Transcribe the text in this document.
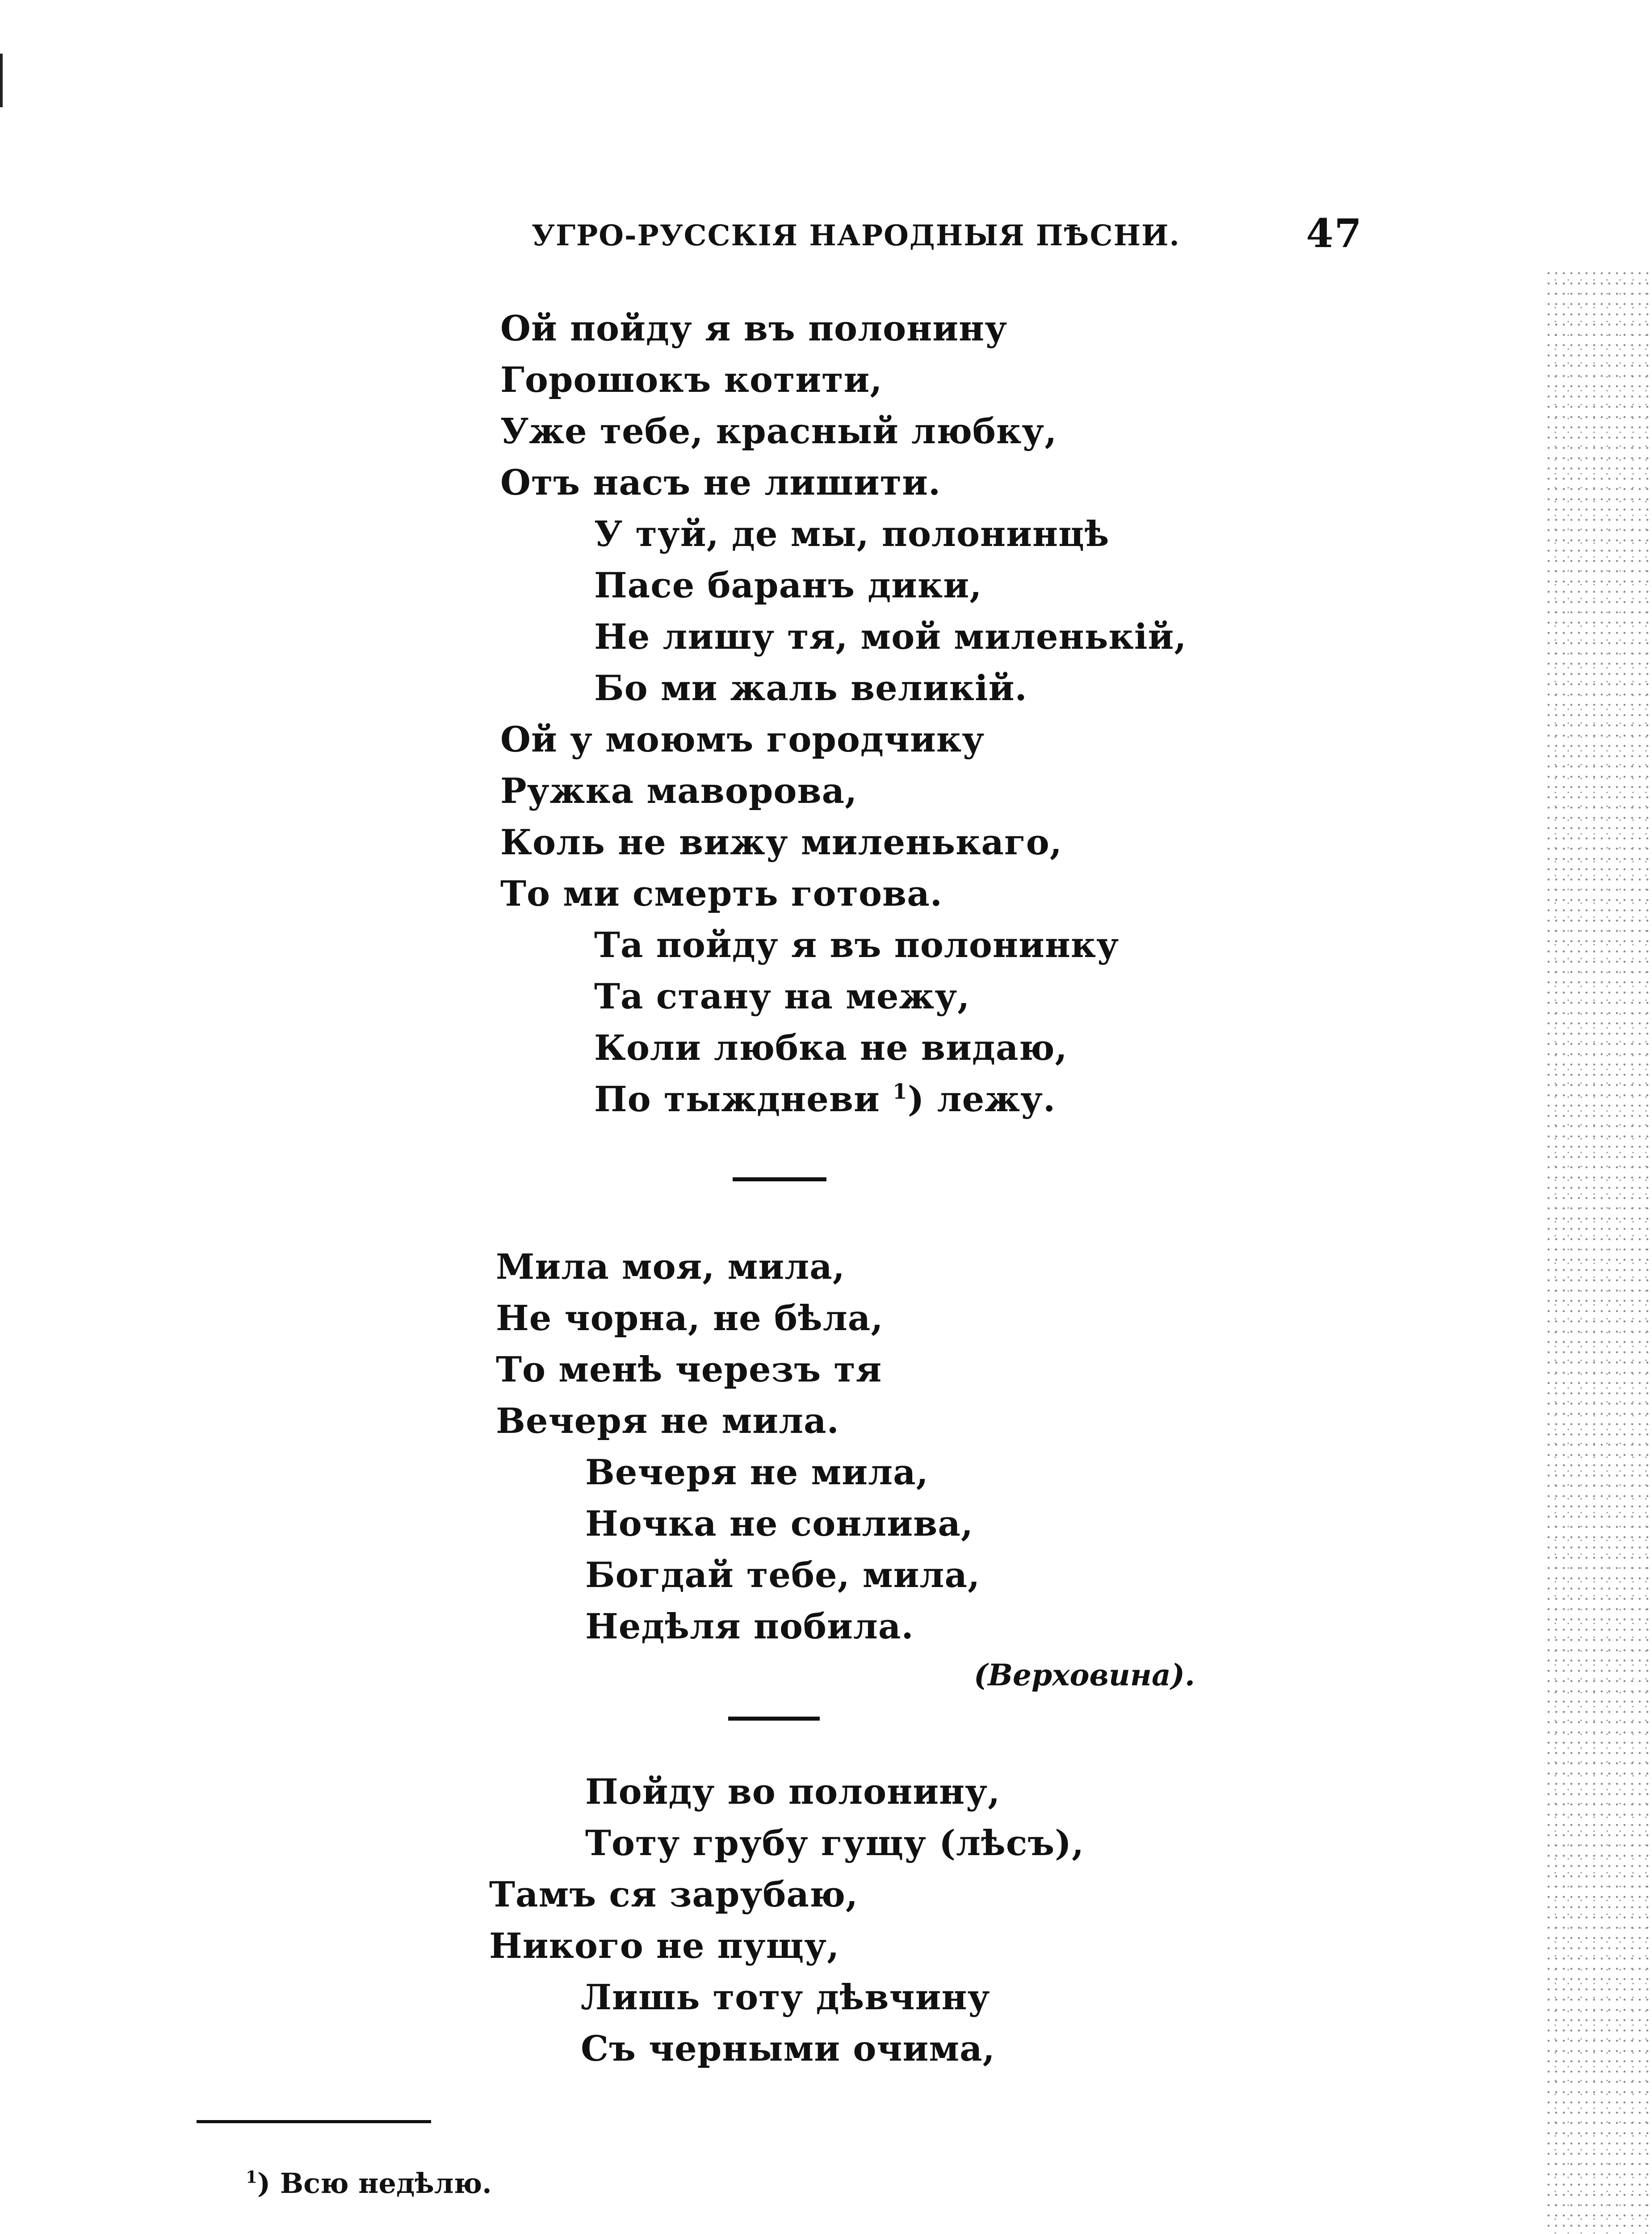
УГРО-РУССКІЯ НАРОДНЫЯ ПѢСНИ.	47
Ой пойду я въ полонину
Горошокъ котити,
Уже тебе, красный любку,
Отъ насъ не лишити.
У туй, де мы, полонинцѣ
Пасе баранъ дики,
Не лишу тя, мой миленькій,
Бо ми жаль великій.
Ой у моюмъ городчику
Ружка маворова,
Коль не вижу миленькаго,
То ми смерть готова.
Та пойду я въ полонинку
Та стану на межу,
Коли любка не видаю,
По тыждневи $^1$) лежу.
Мила моя, мила,
Не чорна, не бѣла,
То менѣ черезъ тя
Вечеря не мила.
Вечеря не мила,
Ночка не сонлива,
Богдай тебе, мила,
Недѣля побила.
(Верховина).
Пойду во полонину,
Тоту грубу гущу (лѣсъ),
Тамъ ся зарубаю,
Никого не пущу,
Лишь тоту дѣвчину
Съ черными очима,
$^1$) Всю недѣлю.
